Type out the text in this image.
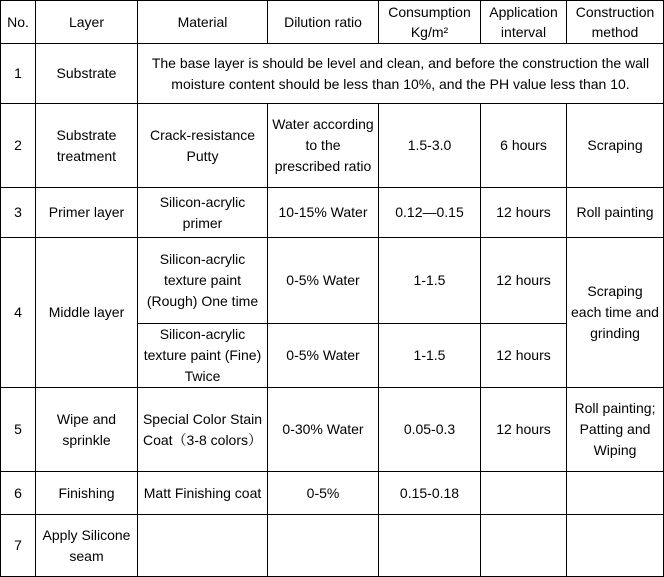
No.	Layer	Material	Dilution ratio	Consumption Kg/m²	Application interval	Construction method
1	Substrate	The base layer is should be level and clean, and before the construction the wall moisture content should be less than 10%, and the PH value less than 10.				
2	Substrate treatment	Crack-resistance Putty	Water according to the prescribed ratio	1.5-3.0	6 hours	Scraping
3	Primer layer	Silicon-acrylic primer	10-15% Water	0.12—0.15	12 hours	Roll painting
4	Middle layer	Silicon-acrylic texture paint (Rough) One time	0-5% Water	1-1.5	12 hours	Scraping each time and grinding
		Silicon-acrylic texture paint (Fine) Twice	0-5% Water	1-1.5	12 hours	
5	Wipe and sprinkle	Special Color Stain Coat（3-8 colors）	0-30% Water	0.05-0.3	12 hours	Roll painting; Patting and Wiping
6	Finishing	Matt Finishing coat	0-5%	0.15-0.18		
7	Apply Silicone seam					
